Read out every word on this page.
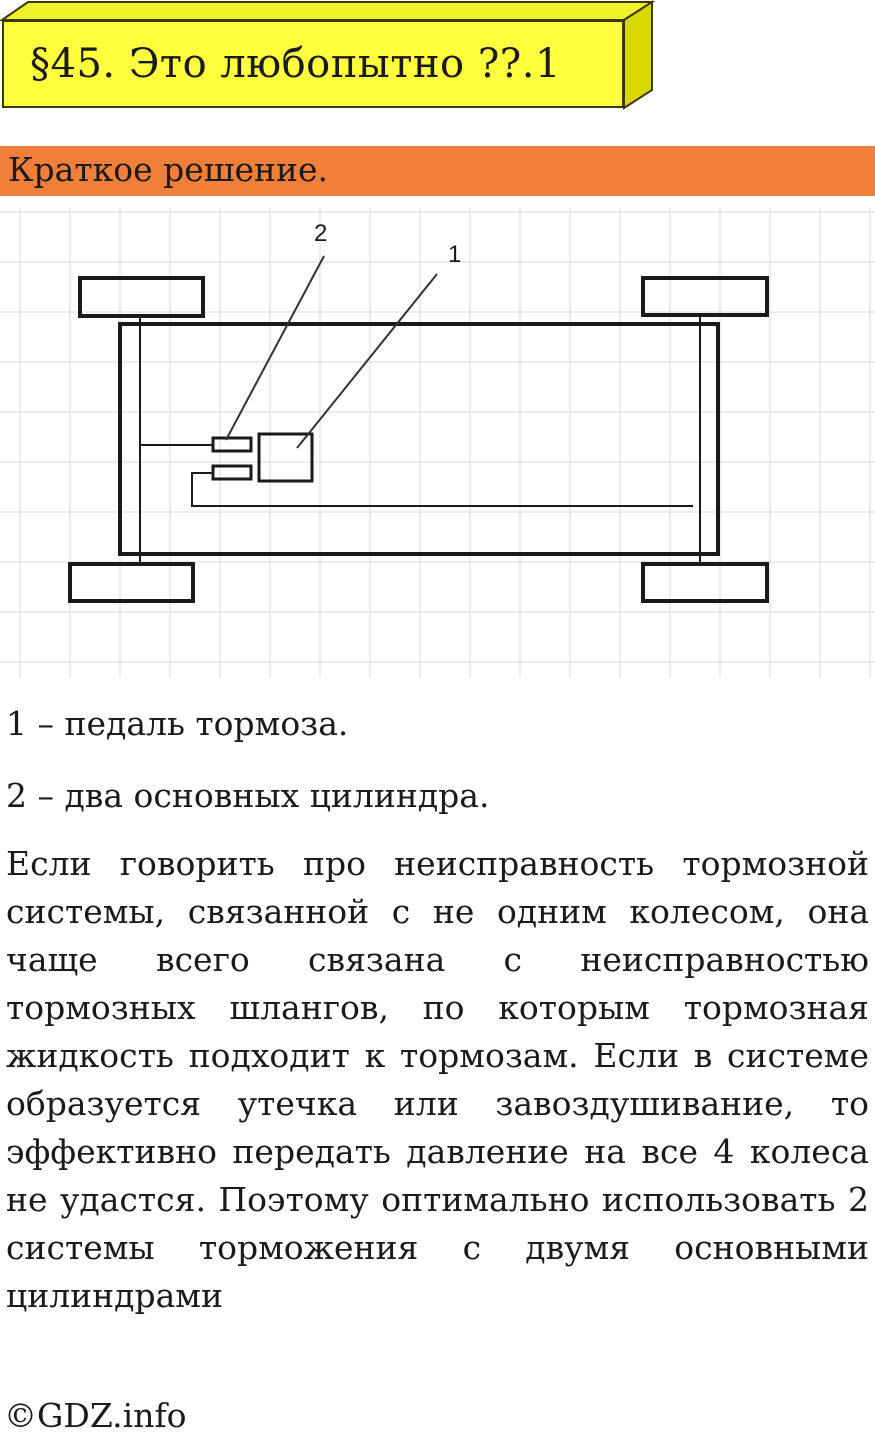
§45. Это любопытно ??.1
Краткое решение.
2
1

1 – педаль тормоза.

2 – два основных цилиндра.

Если говорить про неисправность тормозной системы, связанной с не одним колесом, она чаще всего связана с неисправностью тормозных шлангов, по которым тормозная жидкость подходит к тормозам. Если в системе образуется утечка или завоздушивание, то эффективно передать давление на все 4 колеса не удастся. Поэтому оптимально использовать 2 системы торможения с двумя основными цилиндрами

©GDZ.info
